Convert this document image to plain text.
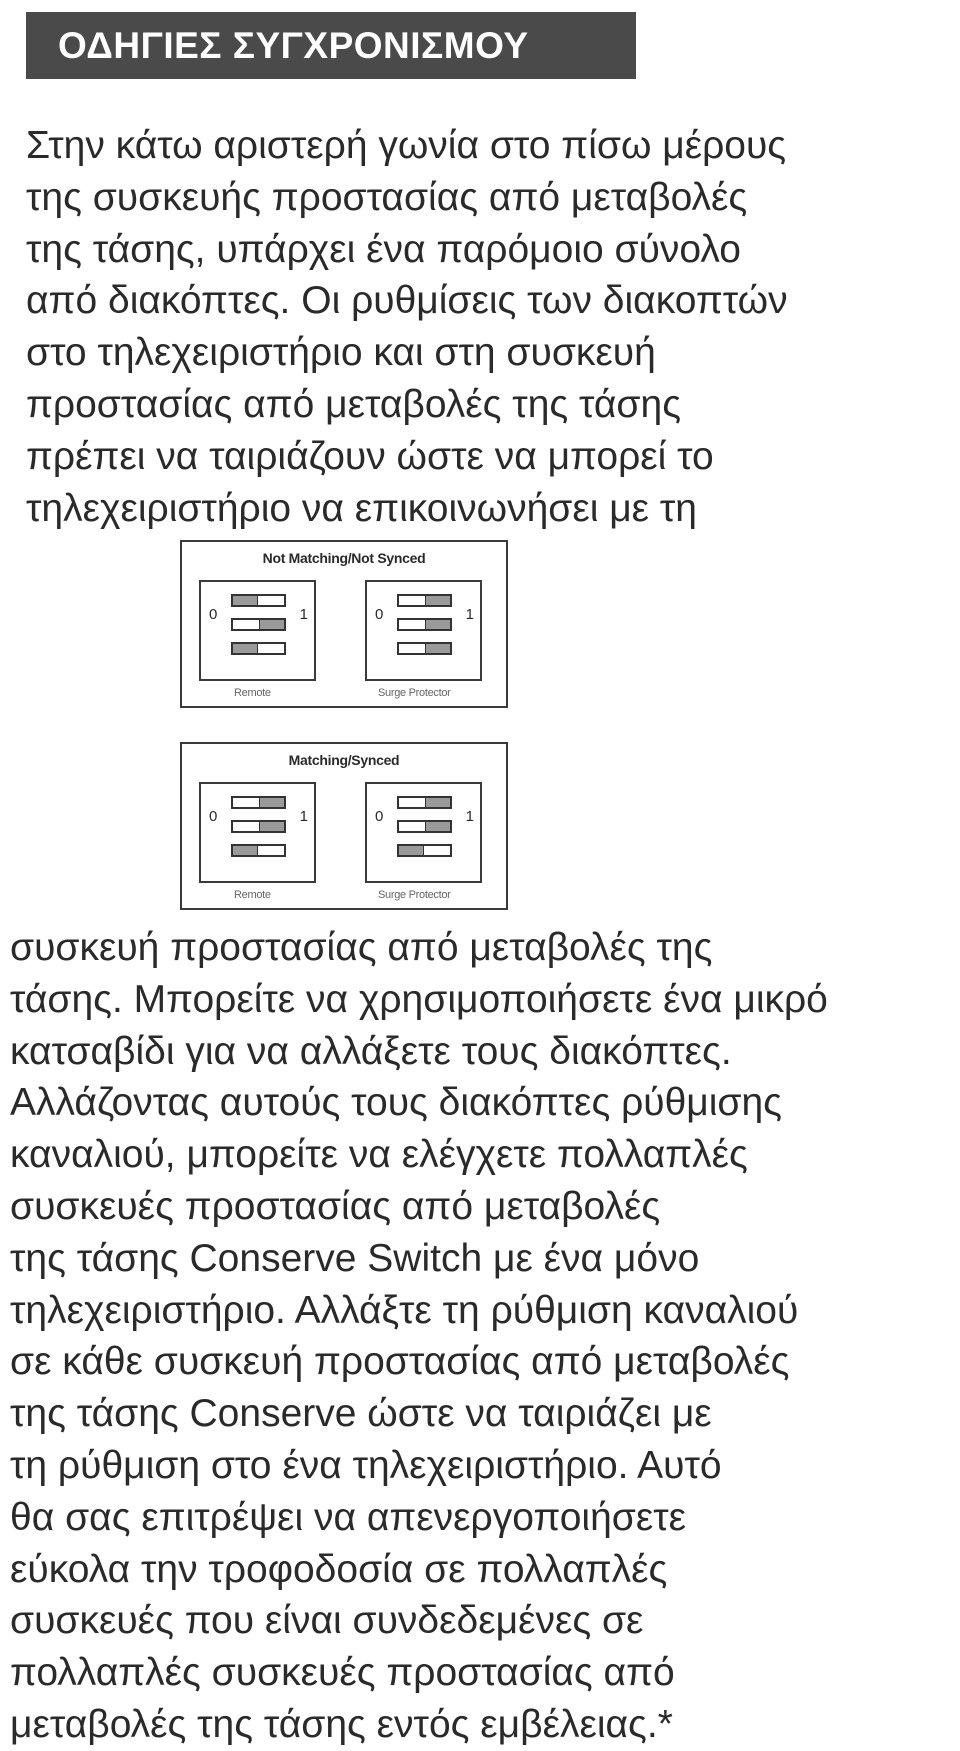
ΟΔΗΓΙΕΣ ΣΥΓΧΡΟΝΙΣΜΟΥ
Στην κάτω αριστερή γωνία στο πίσω μέρους
της συσκευής προστασίας από μεταβολές
της τάσης, υπάρχει ένα παρόμοιο σύνολο
από διακόπτες. Οι ρυθμίσεις των διακοπτών
στο τηλεχειριστήριο και στη συσκευή
προστασίας από μεταβολές της τάσης
πρέπει να ταιριάζουν ώστε να μπορεί το
τηλεχειριστήριο να επικοινωνήσει με τη
Not Matching/Not Synced
0	1
Remote
0	1
Surge Protector
Matching/Synced
0	1
Remote
0	1
Surge Protector
συσκευή προστασίας από μεταβολές της
τάσης. Μπορείτε να χρησιμοποιήσετε ένα μικρό
κατσαβίδι για να αλλάξετε τους διακόπτες.
Αλλάζοντας αυτούς τους διακόπτες ρύθμισης
καναλιού, μπορείτε να ελέγχετε πολλαπλές
συσκευές προστασίας από μεταβολές
της τάσης Conserve Switch με ένα μόνο
τηλεχειριστήριο. Αλλάξτε τη ρύθμιση καναλιού
σε κάθε συσκευή προστασίας από μεταβολές
της τάσης Conserve ώστε να ταιριάζει με
τη ρύθμιση στο ένα τηλεχειριστήριο. Αυτό
θα σας επιτρέψει να απενεργοποιήσετε
εύκολα την τροφοδοσία σε πολλαπλές
συσκευές που είναι συνδεδεμένες σε
πολλαπλές συσκευές προστασίας από
μεταβολές της τάσης εντός εμβέλειας.*
